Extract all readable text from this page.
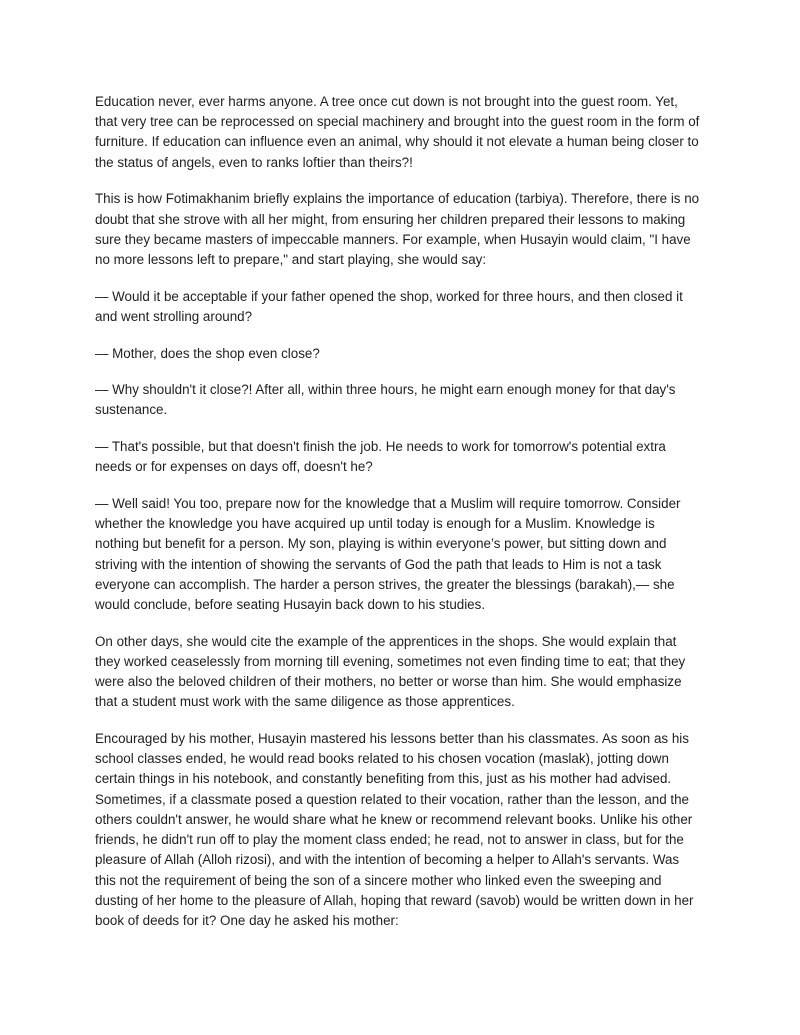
Education never, ever harms anyone. A tree once cut down is not brought into the guest room. Yet, that very tree can be reprocessed on special machinery and brought into the guest room in the form of furniture. If education can influence even an animal, why should it not elevate a human being closer to the status of angels, even to ranks loftier than theirs?!

This is how Fotimakhanim briefly explains the importance of education (tarbiya). Therefore, there is no doubt that she strove with all her might, from ensuring her children prepared their lessons to making sure they became masters of impeccable manners. For example, when Husayin would claim, "I have no more lessons left to prepare," and start playing, she would say:

— Would it be acceptable if your father opened the shop, worked for three hours, and then closed it and went strolling around?

— Mother, does the shop even close?

— Why shouldn't it close?! After all, within three hours, he might earn enough money for that day's sustenance.

— That's possible, but that doesn't finish the job. He needs to work for tomorrow's potential extra needs or for expenses on days off, doesn't he?

— Well said! You too, prepare now for the knowledge that a Muslim will require tomorrow. Consider whether the knowledge you have acquired up until today is enough for a Muslim. Knowledge is nothing but benefit for a person. My son, playing is within everyone’s power, but sitting down and striving with the intention of showing the servants of God the path that leads to Him is not a task everyone can accomplish. The harder a person strives, the greater the blessings (barakah),— she would conclude, before seating Husayin back down to his studies.

On other days, she would cite the example of the apprentices in the shops. She would explain that they worked ceaselessly from morning till evening, sometimes not even finding time to eat; that they were also the beloved children of their mothers, no better or worse than him. She would emphasize that a student must work with the same diligence as those apprentices.

Encouraged by his mother, Husayin mastered his lessons better than his classmates. As soon as his school classes ended, he would read books related to his chosen vocation (maslak), jotting down certain things in his notebook, and constantly benefiting from this, just as his mother had advised. Sometimes, if a classmate posed a question related to their vocation, rather than the lesson, and the others couldn't answer, he would share what he knew or recommend relevant books. Unlike his other friends, he didn't run off to play the moment class ended; he read, not to answer in class, but for the pleasure of Allah (Alloh rizosi), and with the intention of becoming a helper to Allah's servants. Was this not the requirement of being the son of a sincere mother who linked even the sweeping and dusting of her home to the pleasure of Allah, hoping that reward (savob) would be written down in her book of deeds for it? One day he asked his mother:
